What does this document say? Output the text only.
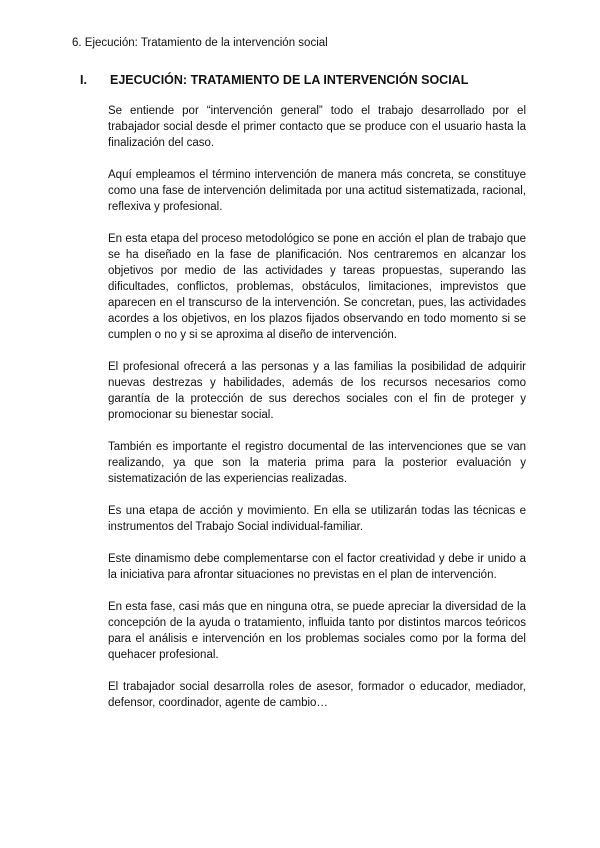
6. Ejecución: Tratamiento de la intervención social
I. EJECUCIÓN: TRATAMIENTO DE LA INTERVENCIÓN SOCIAL

Se entiende por “intervención general” todo el trabajo desarrollado por el trabajador social desde el primer contacto que se produce con el usuario hasta la finalización del caso.

Aquí empleamos el término intervención de manera más concreta, se constituye como una fase de intervención delimitada por una actitud sistematizada, racional, reflexiva y profesional.

En esta etapa del proceso metodológico se pone en acción el plan de trabajo que se ha diseñado en la fase de planificación. Nos centraremos en alcanzar los objetivos por medio de las actividades y tareas propuestas, superando las dificultades, conflictos, problemas, obstáculos, limitaciones, imprevistos que aparecen en el transcurso de la intervención. Se concretan, pues, las actividades acordes a los objetivos, en los plazos fijados observando en todo momento si se cumplen o no y si se aproxima al diseño de intervención.

El profesional ofrecerá a las personas y a las familias la posibilidad de adquirir nuevas destrezas y habilidades, además de los recursos necesarios como garantía de la protección de sus derechos sociales con el fin de proteger y promocionar su bienestar social.

También es importante el registro documental de las intervenciones que se van realizando, ya que son la materia prima para la posterior evaluación y sistematización de las experiencias realizadas.

Es una etapa de acción y movimiento. En ella se utilizarán todas las técnicas e instrumentos del Trabajo Social individual-familiar.

Este dinamismo debe complementarse con el factor creatividad y debe ir unido a la iniciativa para afrontar situaciones no previstas en el plan de intervención.

En esta fase, casi más que en ninguna otra, se puede apreciar la diversidad de la concepción de la ayuda o tratamiento, influida tanto por distintos marcos teóricos para el análisis e intervención en los problemas sociales como por la forma del quehacer profesional.

El trabajador social desarrolla roles de asesor, formador o educador, mediador, defensor, coordinador, agente de cambio…
